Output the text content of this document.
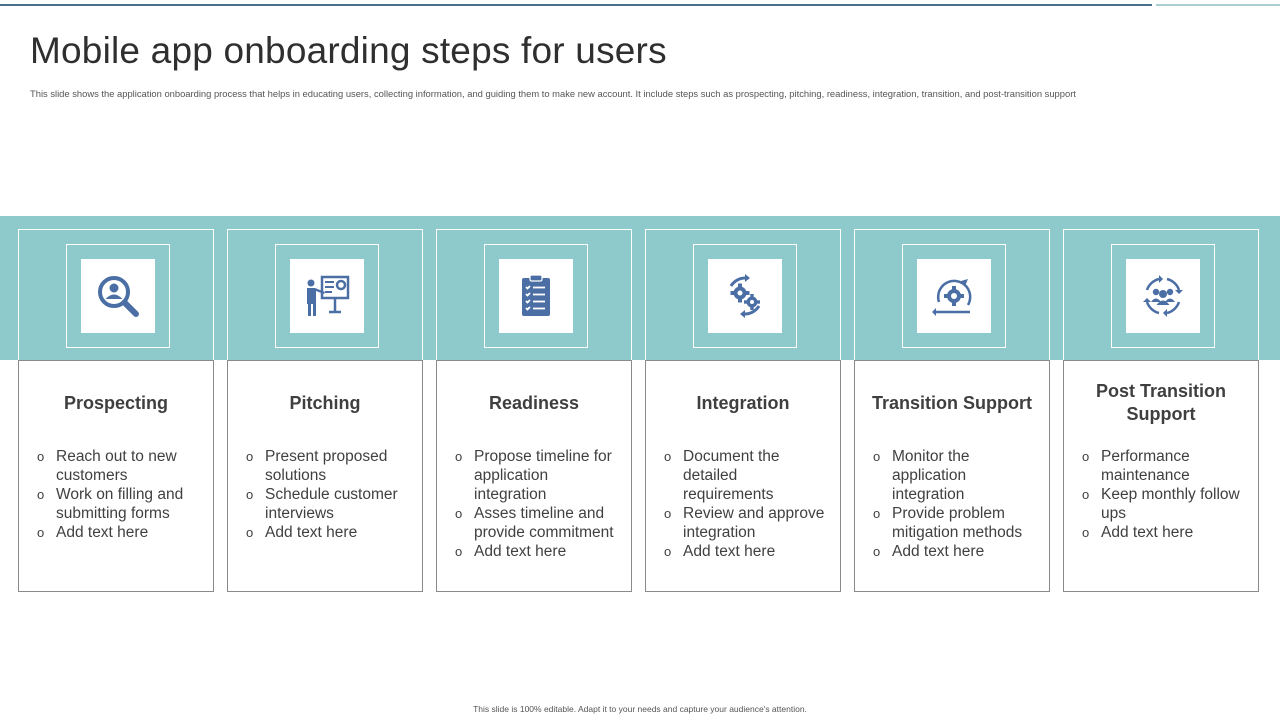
Mobile app onboarding steps for users

This slide shows the application onboarding process that helps in educating users, collecting information, and guiding them to make new account. It include steps such as prospecting, pitching, readiness, integration, transition, and post-transition support

Prospecting
o Reach out to new customers
o Work on filling and submitting forms
o Add text here
Pitching
o Present proposed solutions
o Schedule customer interviews
o Add text here
Readiness
o Propose timeline for application integration
o Asses timeline and provide commitment
o Add text here
Integration
o Document the detailed requirements
o Review and approve integration
o Add text here
Transition Support
o Monitor the application integration
o Provide problem mitigation methods
o Add text here
Post Transition Support
o Performance maintenance
o Keep monthly follow ups
o Add text here
This slide is 100% editable. Adapt it to your needs and capture your audience's attention.
